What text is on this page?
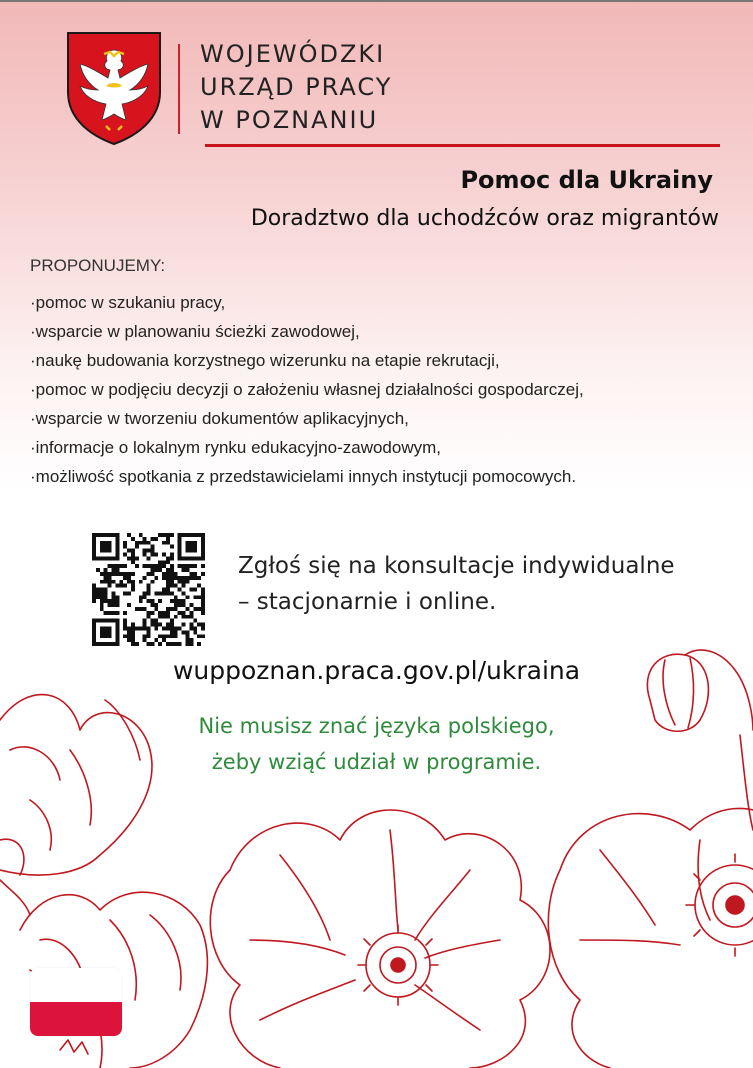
WOJEWÓDZKI
URZĄD PRACY
W POZNANIU
Pomoc dla Ukrainy
Doradztwo dla uchodźców oraz migrantów
PROPONUJEMY:
·pomoc w szukaniu pracy,
·wsparcie w planowaniu ścieżki zawodowej,
·naukę budowania korzystnego wizerunku na etapie rekrutacji,
·pomoc w podjęciu decyzji o założeniu własnej działalności gospodarczej,
·wsparcie w tworzeniu dokumentów aplikacyjnych,
·informacje o lokalnym rynku edukacyjno-zawodowym,
·możliwość spotkania z przedstawicielami innych instytucji pomocowych.
Zgłoś się na konsultacje indywidualne
– stacjonarnie i online.
wuppoznan.praca.gov.pl/ukraina
Nie musisz znać języka polskiego,
żeby wziąć udział w programie.
